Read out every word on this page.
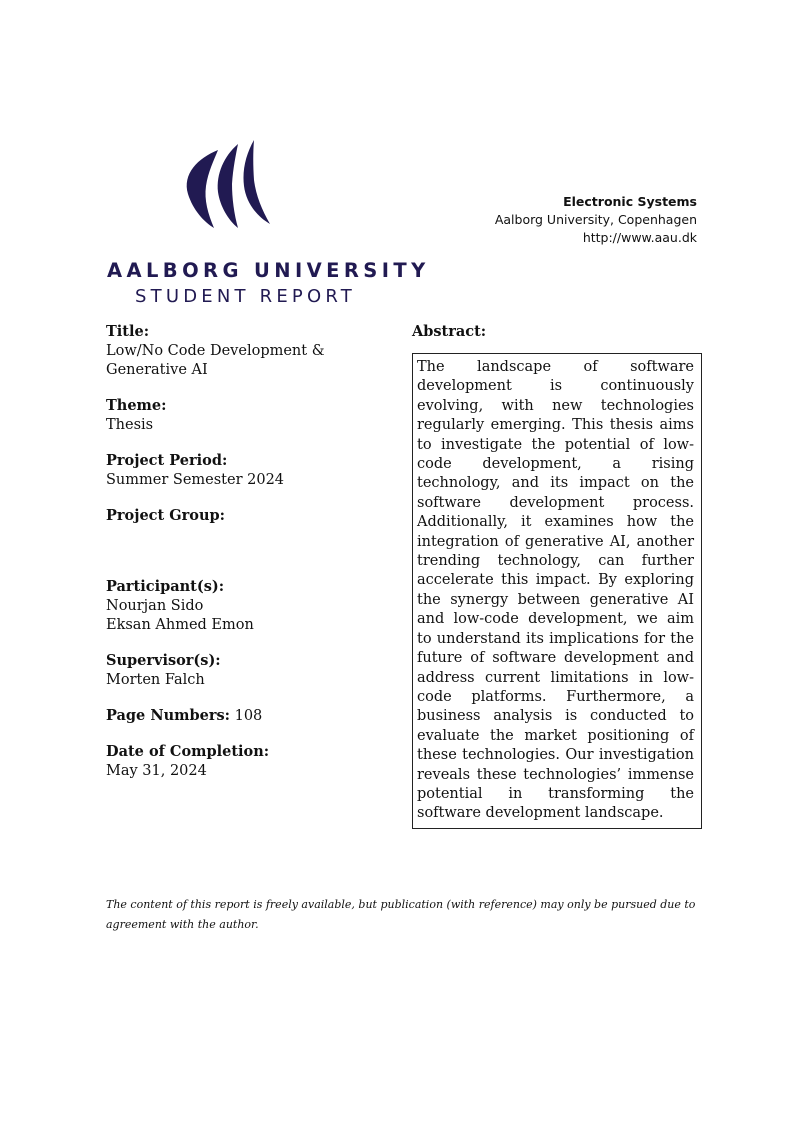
AALBORG UNIVERSITY
STUDENT REPORT
Electronic Systems
Aalborg University, Copenhagen
http://www.aau.dk
Title:
Low/No Code Development & Generative AI
Theme:
Thesis
Project Period:
Summer Semester 2024
Project Group:
Participant(s):
Nourjan Sido
Eksan Ahmed Emon
Supervisor(s):
Morten Falch
Page Numbers: 108
Date of Completion:
May 31, 2024
Abstract:
The landscape of software development is continuously evolving, with new technologies regularly emerging. This thesis aims to investigate the potential of low-code development, a rising technology, and its impact on the software development process. Additionally, it examines how the integration of generative AI, another trending technology, can further accelerate this impact. By exploring the synergy between generative AI and low-code development, we aim to understand its implications for the future of software development and address current limitations in low-code platforms. Furthermore, a business analysis is conducted to evaluate the market positioning of these technologies. Our investigation reveals these technologies’ immense potential in transforming the software development landscape.
The content of this report is freely available, but publication (with reference) may only be pursued due to agreement with the author.
